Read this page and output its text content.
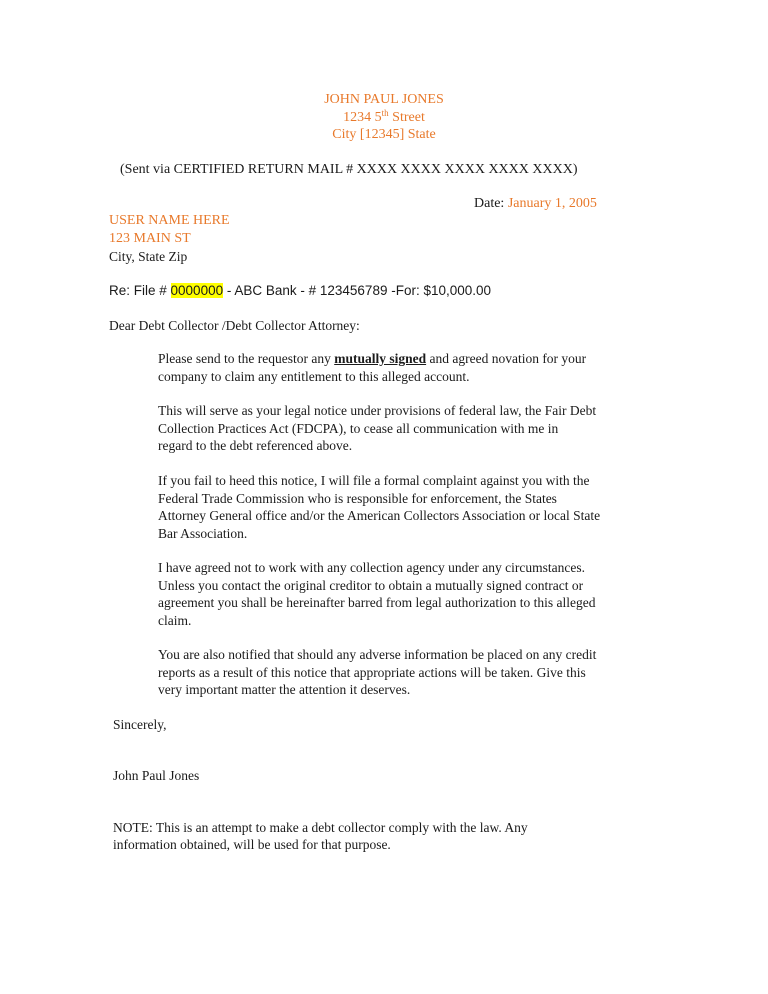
JOHN PAUL JONES
1234 5th Street
City [12345] State
(Sent via CERTIFIED RETURN MAIL # XXXX XXXX XXXX XXXX XXXX)
Date: January 1, 2005
USER NAME HERE
123 MAIN ST
City, State Zip
Re: File # 0000000 - ABC Bank - # 123456789 -For: $10,000.00
Dear Debt Collector /Debt Collector Attorney:
Please send to the requestor any mutually signed and agreed novation for your
company to claim any entitlement to this alleged account.
This will serve as your legal notice under provisions of federal law, the Fair Debt
Collection Practices Act (FDCPA), to cease all communication with me in
regard to the debt referenced above.
If you fail to heed this notice, I will file a formal complaint against you with the
Federal Trade Commission who is responsible for enforcement, the States
Attorney General office and/or the American Collectors Association or local State
Bar Association.
I have agreed not to work with any collection agency under any circumstances.
Unless you contact the original creditor to obtain a mutually signed contract or
agreement you shall be hereinafter barred from legal authorization to this alleged
claim.
You are also notified that should any adverse information be placed on any credit
reports as a result of this notice that appropriate actions will be taken. Give this
very important matter the attention it deserves.
Sincerely,
John Paul Jones
NOTE: This is an attempt to make a debt collector comply with the law. Any
information obtained, will be used for that purpose.
